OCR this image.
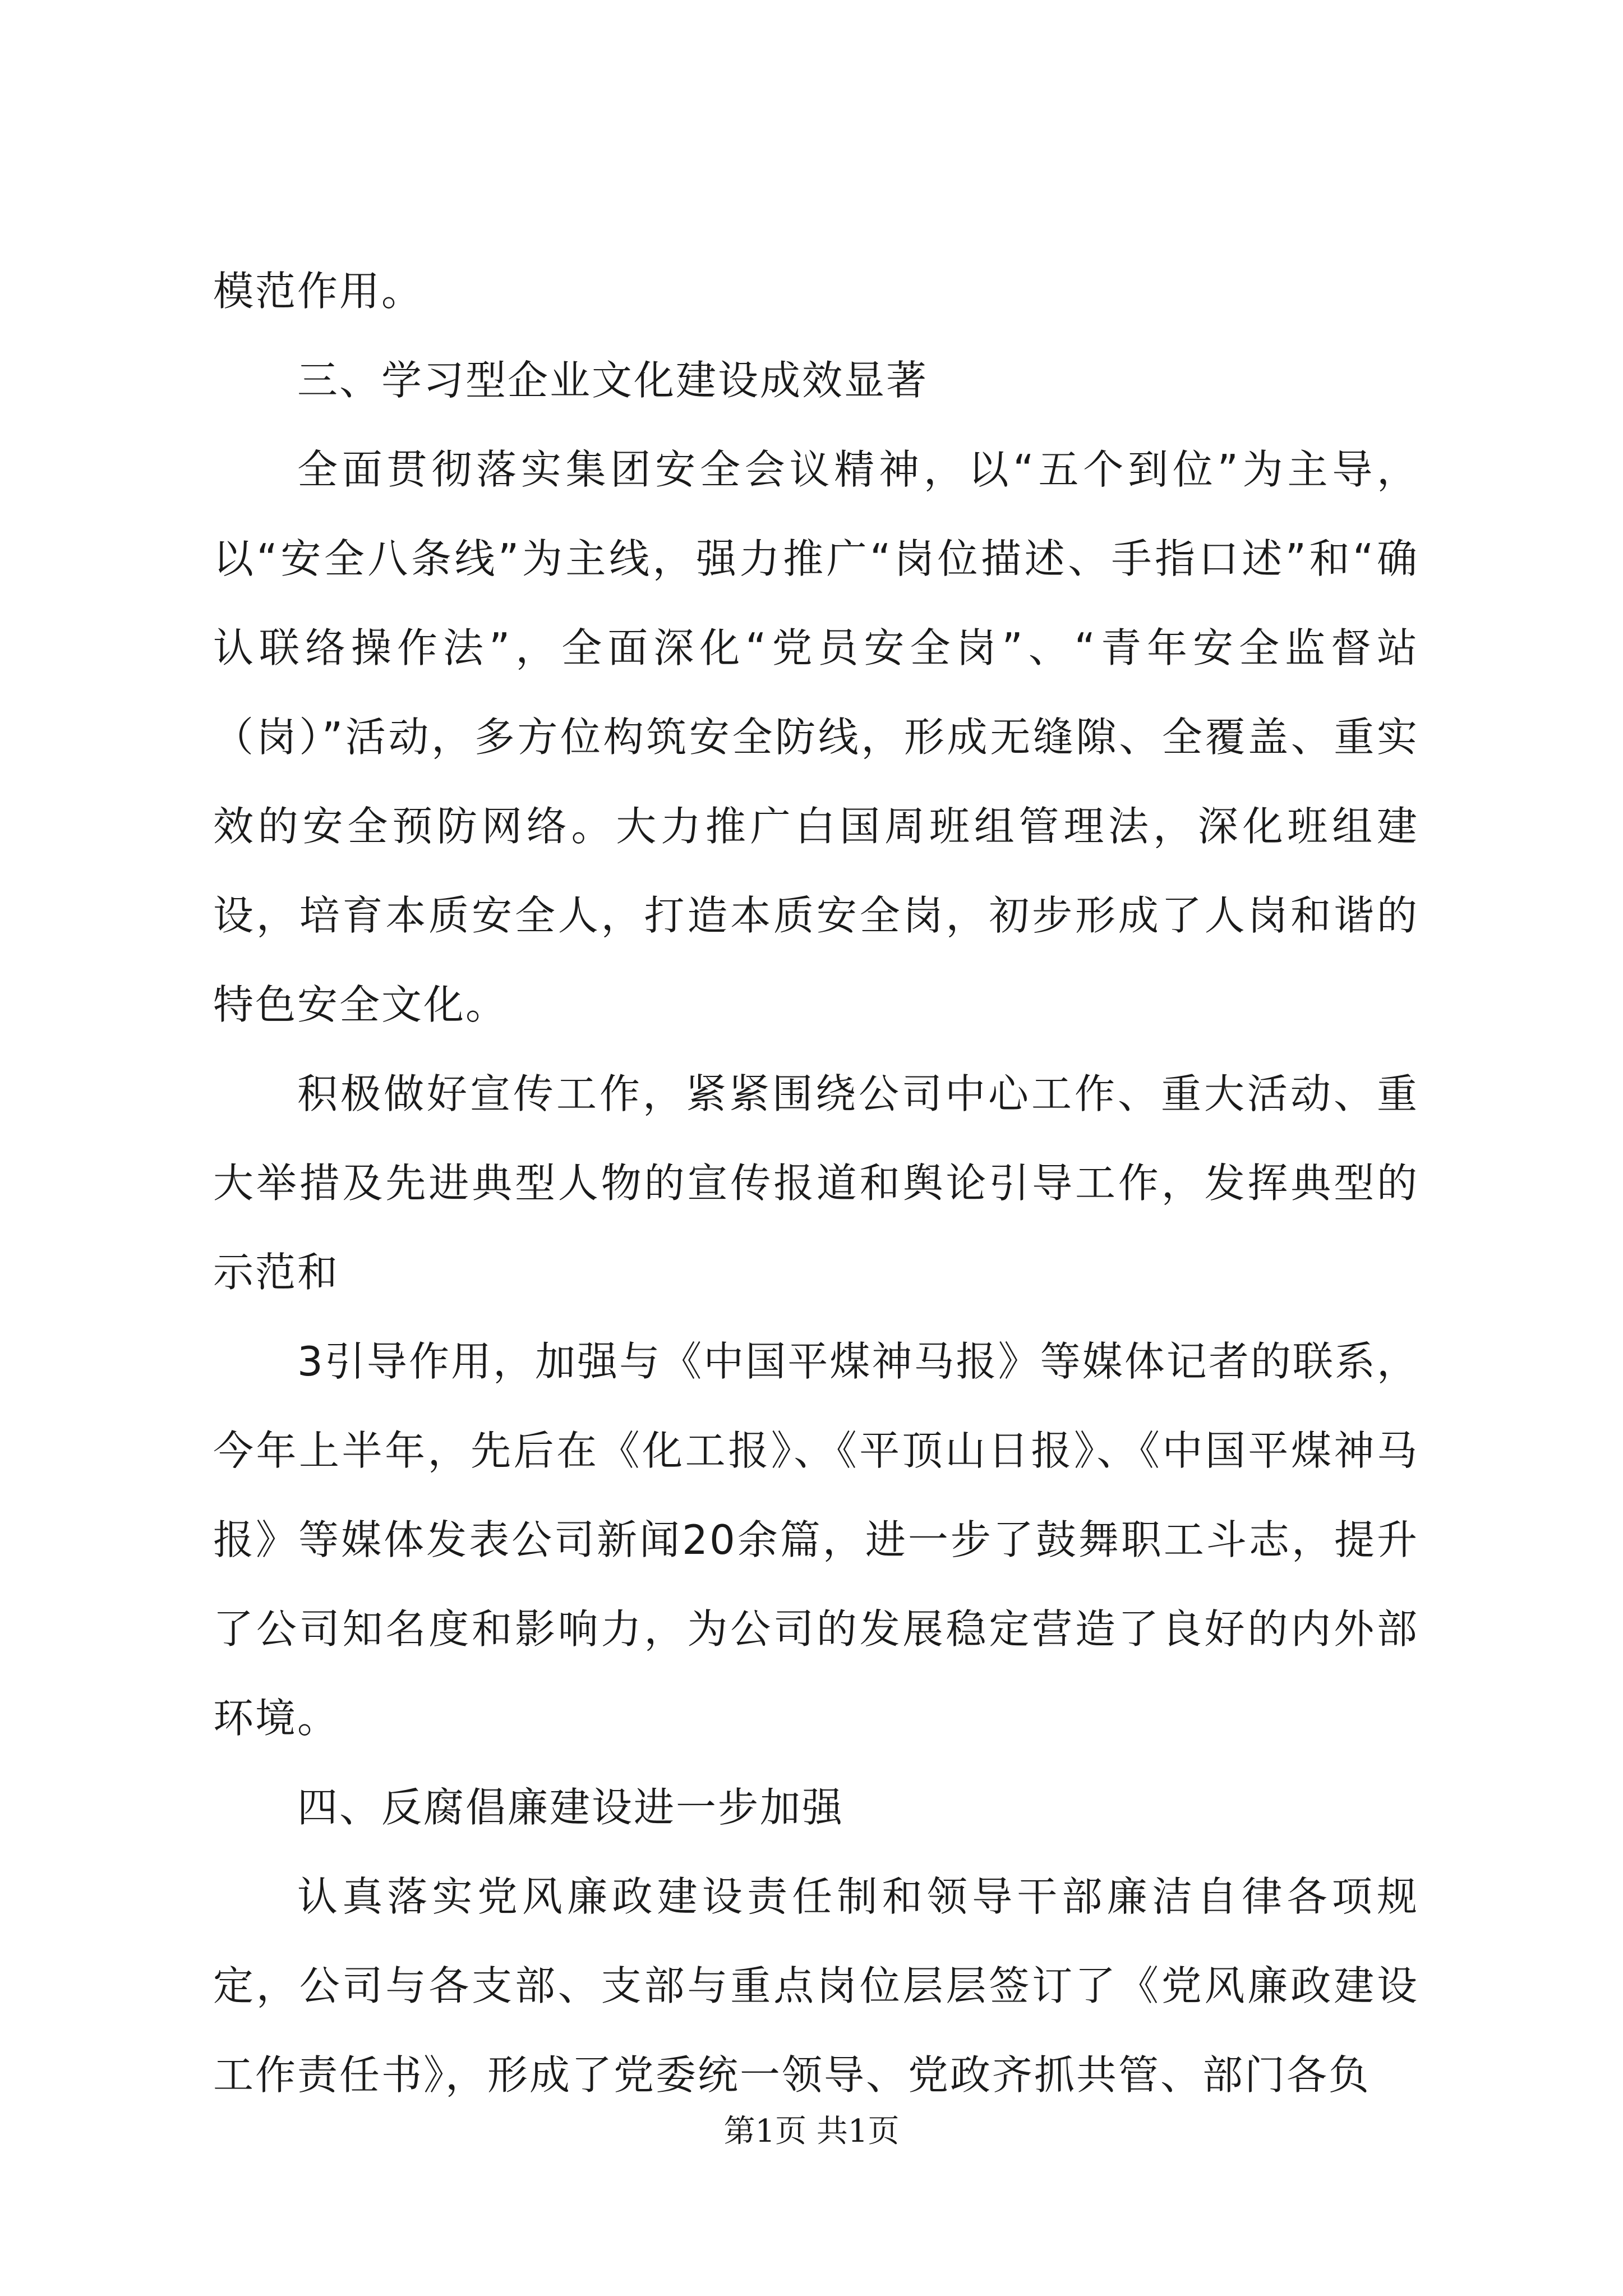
模范作用。

三、学习型企业文化建设成效显著

全面贯彻落实集团安全会议精神，以“五个到位”为主导，以“安全八条线”为主线，强力推广“岗位描述、手指口述”和“确认联络操作法”，全面深化“党员安全岗”、“青年安全监督站（岗）”活动，多方位构筑安全防线，形成无缝隙、全覆盖、重实效的安全预防网络。大力推广白国周班组管理法，深化班组建设，培育本质安全人，打造本质安全岗，初步形成了人岗和谐的特色安全文化。

积极做好宣传工作，紧紧围绕公司中心工作、重大活动、重大举措及先进典型人物的宣传报道和舆论引导工作，发挥典型的示范和

3引导作用，加强与《中国平煤神马报》等媒体记者的联系，今年上半年，先后在《化工报》、《平顶山日报》、《中国平煤神马报》等媒体发表公司新闻20余篇，进一步了鼓舞职工斗志，提升了公司知名度和影响力，为公司的发展稳定营造了良好的内外部环境。

四、反腐倡廉建设进一步加强

认真落实党风廉政建设责任制和领导干部廉洁自律各项规定，公司与各支部、支部与重点岗位层层签订了《党风廉政建设工作责任书》，形成了党委统一领导、党政齐抓共管、部门各负

第1页 共1页
